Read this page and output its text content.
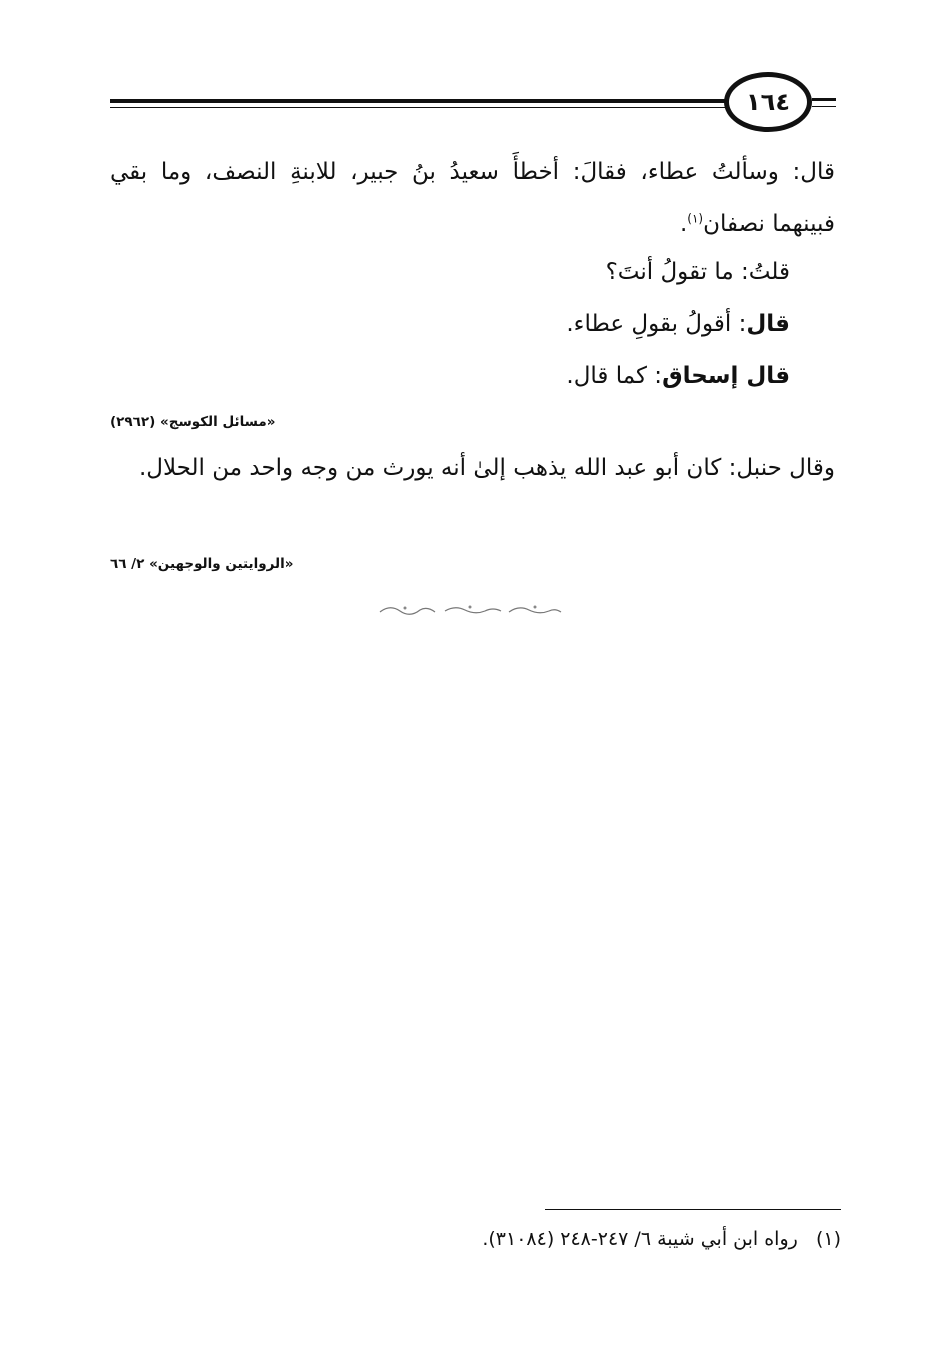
١٦٤
قال: وسألتُ عطاء، فقالَ: أخطأَ سعيدُ بنُ جبير، للابنةِ النصف، وما بقي فبينهما نصفان$^{(١)}$.
قلتُ: ما تقولُ أنتَ؟
قال: أقولُ بقولِ عطاء.
قال إسحاق: كما قال.
«مسائل الكوسج» (٢٩٦٢)
وقال حنبل: كان أبو عبد الله يذهب إلىٰ أنه يورث من وجه واحد من الحلال.
«الروايتين والوجهين» ٢/ ٦٦
(١)   رواه ابن أبي شيبة ٦/ ٢٤٧-٢٤٨ (٣١٠٨٤).
